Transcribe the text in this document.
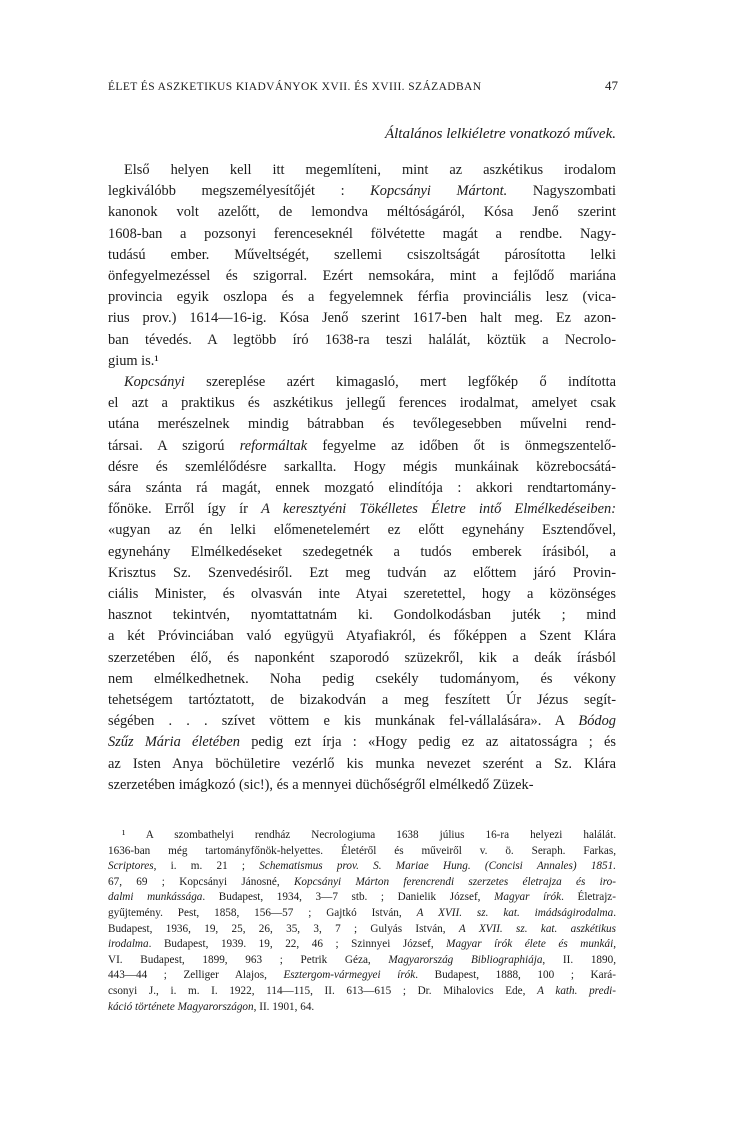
ÉLET ÉS ASZKETIKUS KIADVÁNYOK XVII. ÉS XVIII. SZÁZADBAN	47
Általános lelkiéletre vonatkozó művek.
Első helyen kell itt megemlíteni, mint az aszkétikus irodalom
legkiválóbb megszemélyesítőjét : Kopcsányi Mártont. Nagyszombati
kanonok volt azelőtt, de lemondva méltóságáról, Kósa Jenő szerint
1608-ban a pozsonyi ferenceseknél fölvétette magát a rendbe. Nagy-
tudású ember. Műveltségét, szellemi csiszoltságát párosította lelki
önfegyelmezéssel és szigorral. Ezért nemsokára, mint a fejlődő mariána
provincia egyik oszlopa és a fegyelemnek férfia provinciális lesz (vica-
rius prov.) 1614—16-ig. Kósa Jenő szerint 1617-ben halt meg. Ez azon-
ban tévedés. A legtöbb író 1638-ra teszi halálát, köztük a Necrolo-
gium is.¹
Kopcsányi szereplése azért kimagasló, mert legfőkép ő indította
el azt a praktikus és aszkétikus jellegű ferences irodalmat, amelyet csak
utána merészelnek mindig bátrabban és tevőlegesebben művelni rend-
társai. A szigorú reformáltak fegyelme az időben őt is önmegszentelő-
désre és szemlélődésre sarkallta. Hogy mégis munkáinak közrebocsátá-
sára szánta rá magát, ennek mozgató elindítója : akkori rendtartomány-
főnöke. Erről így ír A keresztyéni Tökélletes Életre intő Elmélkedéseiben:
«ugyan az én lelki előmenetelemért ez előtt egynehány Esztendővel,
egynehány Elmélkedéseket szedegetnék a tudós emberek írásiból, a
Krisztus Sz. Szenvedésiről. Ezt meg tudván az előttem járó Provin-
ciális Minister, és olvasván inte Atyai szeretettel, hogy a közönséges
hasznot tekintvén, nyomtattatnám ki. Gondolkodásban juték ; mind
a két Próvinciában való együgyü Atyafiakról, és főképpen a Szent Klára
szerzetében élő, és naponként szaporodó szüzekről, kik a deák írásból
nem elmélkedhetnek. Noha pedig csekély tudományom, és vékony
tehetségem tartóztatott, de bizakodván a meg feszített Úr Jézus segít-
ségében . . . szívet vöttem e kis munkának fel-vállalására». A Bódog
Szűz Mária életében pedig ezt írja : «Hogy pedig ez az aitatosságra ; és
az Isten Anya böchületire vezérlő kis munka nevezet szerént a Sz. Klára
szerzetében imágkozó (sic!), és a mennyei düchőségről elmélkedő Züzek-
¹ A szombathelyi rendház Necrologiuma 1638 július 16-ra helyezi halálát.
1636-ban még tartományfőnök-helyettes. Életéről és műveiről v. ö. Seraph. Farkas,
Scriptores, i. m. 21 ; Schematismus prov. S. Mariae Hung. (Concisi Annales) 1851.
67, 69 ; Kopcsányi Jánosné, Kopcsányi Márton ferencrendi szerzetes életrajza és iro-
dalmi munkássága. Budapest, 1934, 3—7 stb. ; Danielik József, Magyar írók. Életrajz-
gyűjtemény. Pest, 1858, 156—57 ; Gajtkó István, A XVII. sz. kat. imádságirodalma.
Budapest, 1936, 19, 25, 26, 35, 3, 7 ; Gulyás István, A XVII. sz. kat. aszkétikus
irodalma. Budapest, 1939. 19, 22, 46 ; Szinnyei József, Magyar írók élete és munkái,
VI. Budapest, 1899, 963 ; Petrik Géza, Magyarország Bibliographiája, II. 1890,
443—44 ; Zelliger Alajos, Esztergom-vármegyei írók. Budapest, 1888, 100 ; Kará-
csonyi J., i. m. I. 1922, 114—115, II. 613—615 ; Dr. Mihalovics Ede, A kath. predi-
káció története Magyarországon, II. 1901, 64.
